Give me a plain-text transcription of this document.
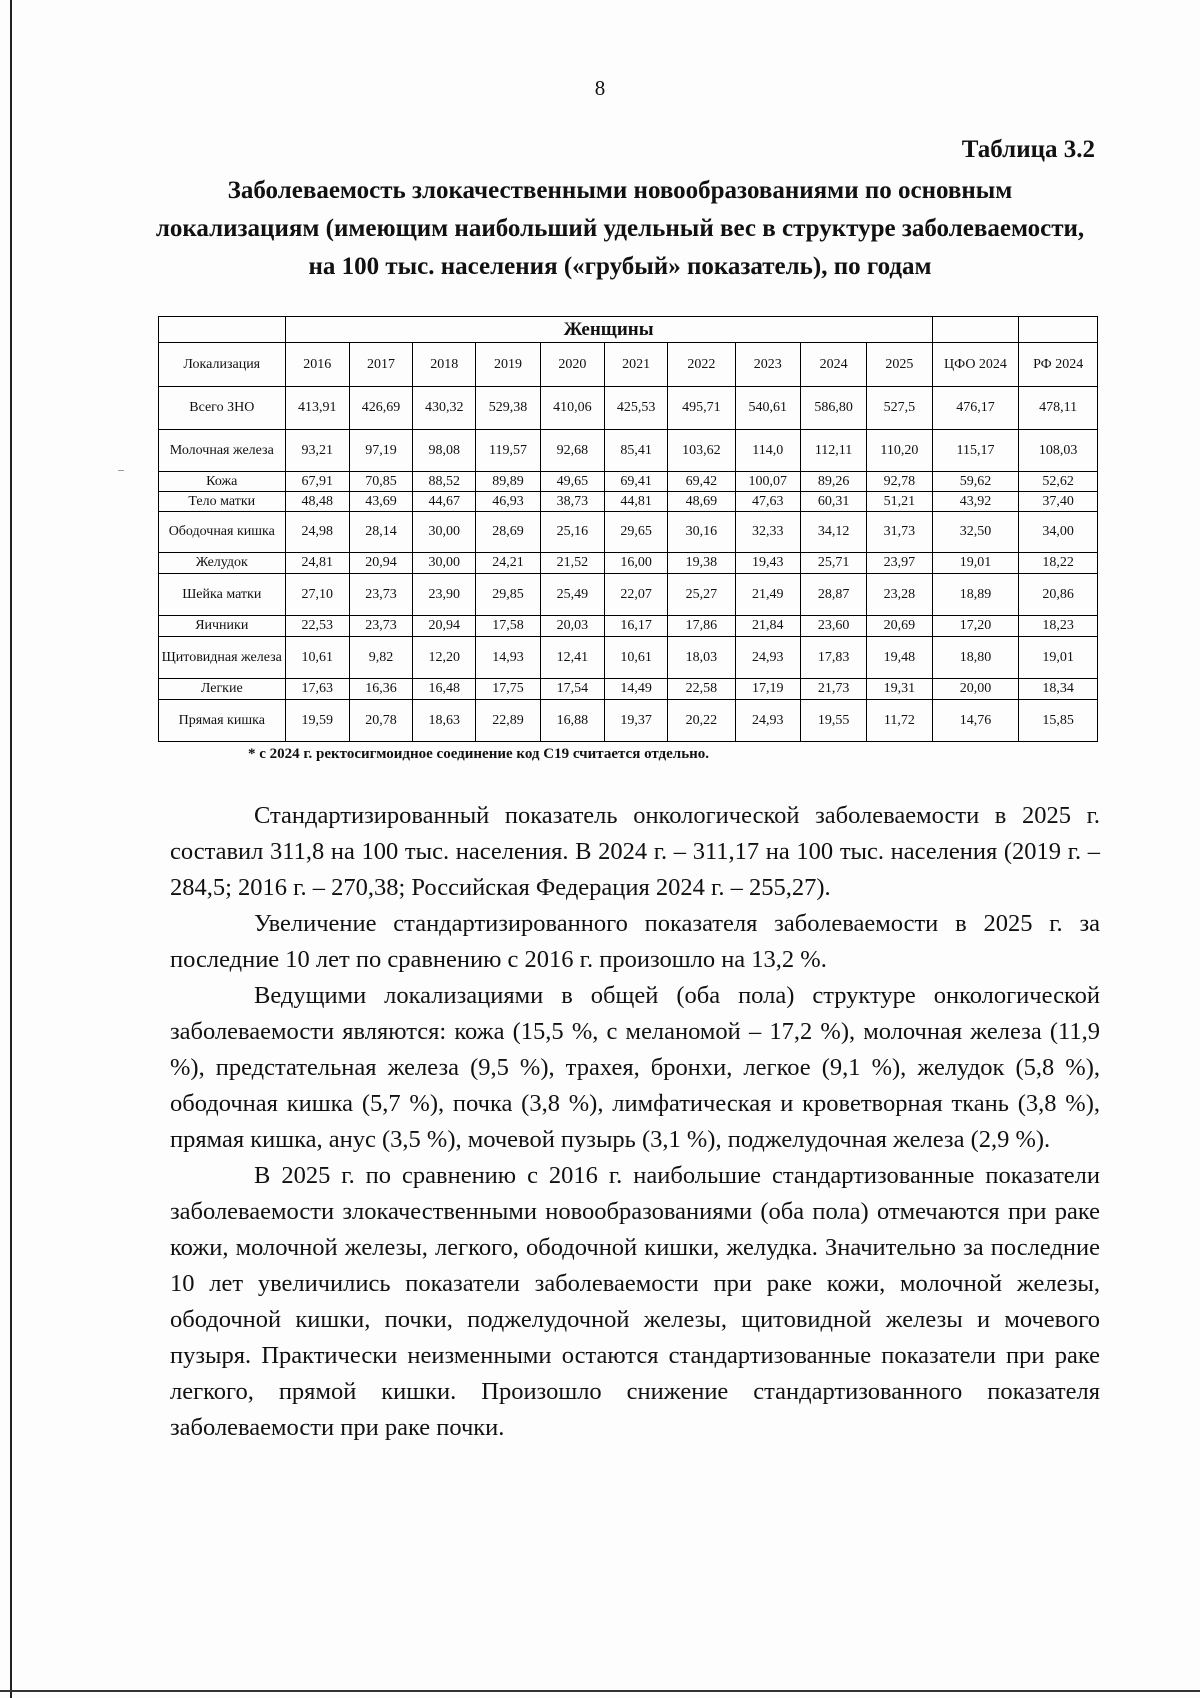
8
Таблица 3.2
Заболеваемость злокачественными новообразованиями по основным локализациям (имеющим наибольший удельный вес в структуре заболеваемости, на 100 тыс. населения («грубый» показатель), по годам
	Женщины											
Локализация	2016	2017	2018	2019	2020	2021	2022	2023	2024	2025	ЦФО 2024	РФ 2024
Всего ЗНО	413,91	426,69	430,32	529,38	410,06	425,53	495,71	540,61	586,80	527,5	476,17	478,11
Молочная железа	93,21	97,19	98,08	119,57	92,68	85,41	103,62	114,0	112,11	110,20	115,17	108,03
Кожа	67,91	70,85	88,52	89,89	49,65	69,41	69,42	100,07	89,26	92,78	59,62	52,62
Тело матки	48,48	43,69	44,67	46,93	38,73	44,81	48,69	47,63	60,31	51,21	43,92	37,40
Ободочная кишка	24,98	28,14	30,00	28,69	25,16	29,65	30,16	32,33	34,12	31,73	32,50	34,00
Желудок	24,81	20,94	30,00	24,21	21,52	16,00	19,38	19,43	25,71	23,97	19,01	18,22
Шейка матки	27,10	23,73	23,90	29,85	25,49	22,07	25,27	21,49	28,87	23,28	18,89	20,86
Яичники	22,53	23,73	20,94	17,58	20,03	16,17	17,86	21,84	23,60	20,69	17,20	18,23
Щитовидная железа	10,61	9,82	12,20	14,93	12,41	10,61	18,03	24,93	17,83	19,48	18,80	19,01
Легкие	17,63	16,36	16,48	17,75	17,54	14,49	22,58	17,19	21,73	19,31	20,00	18,34
Прямая кишка	19,59	20,78	18,63	22,89	16,88	19,37	20,22	24,93	19,55	11,72	14,76	15,85
* с 2024 г. ректосигмоидное соединение код С19 считается отдельно.

Стандартизированный показатель онкологической заболеваемости в 2025 г. составил 311,8 на 100 тыс. населения. В 2024 г. – 311,17 на 100 тыс. населения (2019 г. – 284,5; 2016 г. – 270,38; Российская Федерация 2024 г. – 255,27).

Увеличение стандартизированного показателя заболеваемости в 2025 г. за последние 10 лет по сравнению с 2016 г. произошло на 13,2 %.

Ведущими локализациями в общей (оба пола) структуре онкологической заболеваемости являются: кожа (15,5 %, с меланомой – 17,2 %), молочная железа (11,9 %), предстательная железа (9,5 %), трахея, бронхи, легкое (9,1 %), желудок (5,8 %), ободочная кишка (5,7 %), почка (3,8 %), лимфатическая и кроветворная ткань (3,8 %), прямая кишка, анус (3,5 %), мочевой пузырь (3,1 %), поджелудочная железа (2,9 %).

В 2025 г. по сравнению с 2016 г. наибольшие стандартизованные показатели заболеваемости злокачественными новообразованиями (оба пола) отмечаются при раке кожи, молочной железы, легкого, ободочной кишки, желудка. Значительно за последние 10 лет увеличились показатели заболеваемости при раке кожи, молочной железы, ободочной кишки, почки, поджелудочной железы, щитовидной железы и мочевого пузыря. Практически неизменными остаются стандартизованные показатели при раке легкого, прямой кишки. Произошло снижение стандартизованного показателя заболеваемости при раке почки.
